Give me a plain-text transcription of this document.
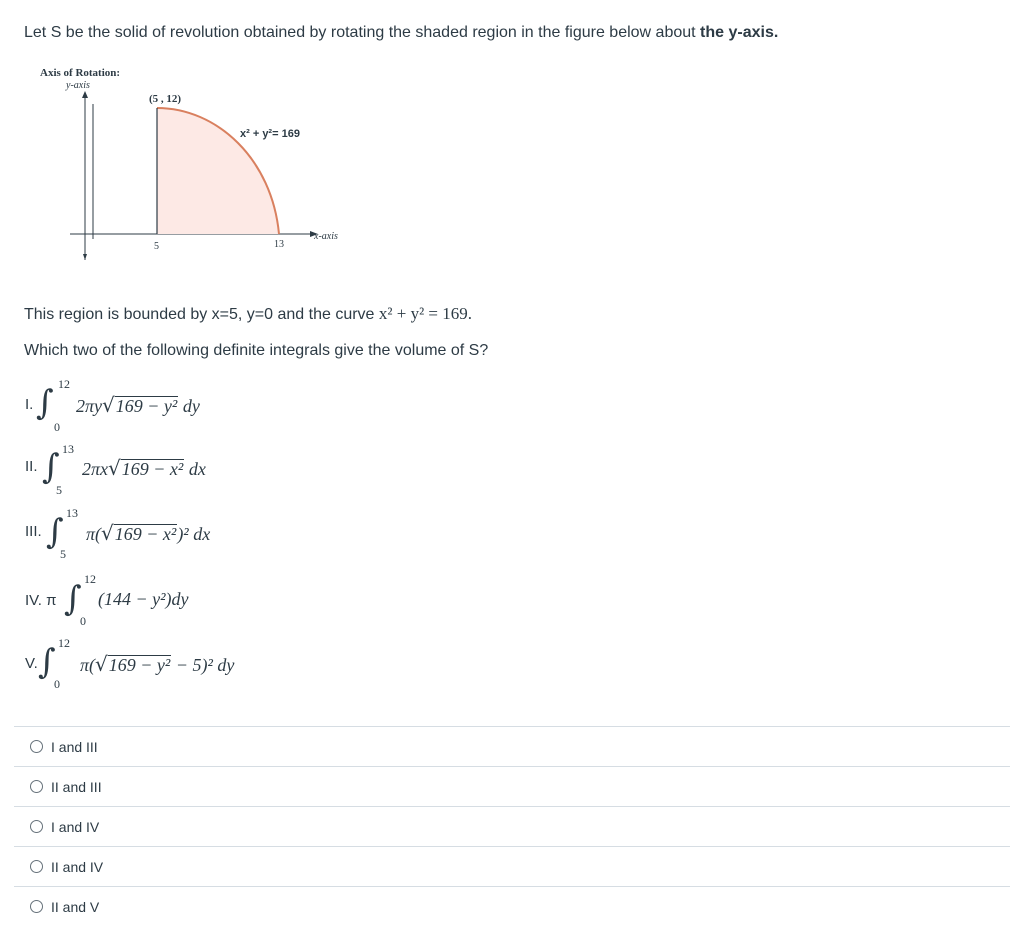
Let S be the solid of revolution obtained by rotating the shaded region in the figure below about the y-axis.
Axis of Rotation:
y-axis
(5 , 12)
x² + y²= 169
5	13
x-axis
This region is bounded by x=5, y=0 and the curve x² + y² = 169.
Which two of the following definite integrals give the volume of S?
I. ∫ 12
0
2πy√169 − y² dy
II. ∫ 13
5
2πx√169 − x² dx
III. ∫ 13
5
π(√169 − x²)² dx
IV. π ∫ 12
0
(144 − y²)dy
V. ∫ 12
0
π(√169 − y² − 5)² dy
I and III
II and III
I and IV
II and IV
II and V
